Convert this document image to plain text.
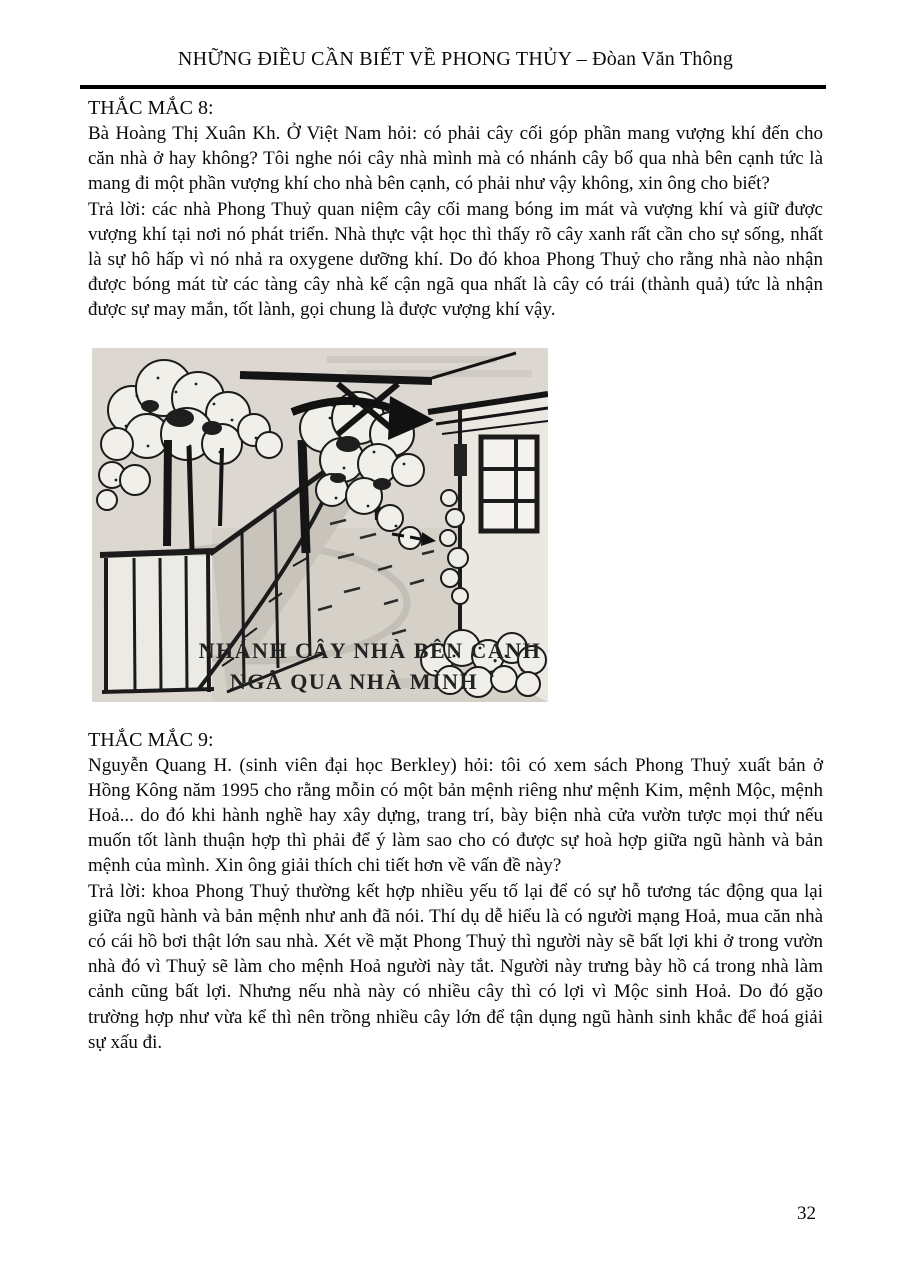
NHỮNG ĐIỀU CẦN BIẾT VỀ PHONG THỦY – Đòan Văn Thông
THẮC MẮC 8:

Bà Hoàng Thị Xuân Kh. Ở Việt Nam hỏi: có phải cây cối góp phần mang vượng khí đến cho căn nhà ở hay không? Tôi nghe nói cây nhà mình mà có nhánh cây bổ qua nhà bên cạnh tức là mang đi một phần vượng khí cho nhà bên cạnh, có phải như vậy không, xin ông cho biết?

Trả lời: các nhà Phong Thuỷ quan niệm cây cối mang bóng im mát và vượng khí và giữ được vượng khí tại nơi nó phát triển. Nhà thực vật học thì thấy rõ cây xanh rất cần cho sự sống, nhất là sự hô hấp vì nó nhả ra oxygene dưỡng khí. Do đó khoa Phong Thuỷ cho rằng nhà nào nhận được bóng mát từ các tàng cây nhà kế cận ngã qua nhất là cây có trái (thành quả) tức là nhận được sự may mắn, tốt lành, gọi chung là được vượng khí vậy.

NHÁNH CÂY NHÀ BÊN CẠNH
NGÃ QUA NHÀ MÌNH
THẮC MẮC 9:

Nguyễn Quang H. (sinh viên đại học Berkley) hỏi: tôi có xem sách Phong Thuỷ xuất bản ở Hồng Kông năm 1995 cho rằng mỗin có một bản mệnh riêng như mệnh Kim, mệnh Mộc, mệnh Hoả... do đó khi hành nghề hay xây dựng, trang trí, bày biện nhà cửa vườn tược mọi thứ nếu muốn tốt lành thuận hợp thì phải để ý làm sao cho có được sự hoà hợp giữa ngũ hành và bản mệnh của mình. Xin ông giải thích chi tiết hơn về vấn đề này?

Trả lời: khoa Phong Thuỷ thường kết hợp nhiều yếu tố lại để có sự hỗ tương tác động qua lại giữa ngũ hành và bản mệnh như anh đã nói. Thí dụ dễ hiểu là có người mạng Hoả, mua căn nhà có cái hồ bơi thật lớn sau nhà. Xét về mặt Phong Thuỷ thì người này sẽ bất lợi khi ở trong vườn nhà đó vì Thuỷ sẽ làm cho mệnh Hoả người này tắt. Người này trưng bày hồ cá trong nhà làm cảnh cũng bất lợi. Nhưng nếu nhà này có nhiều cây thì có lợi vì Mộc sinh Hoả. Do đó gặo trường hợp như vừa kể thì nên trồng nhiều cây lớn để tận dụng ngũ hành sinh khắc để hoá giải sự xấu đi.

32
